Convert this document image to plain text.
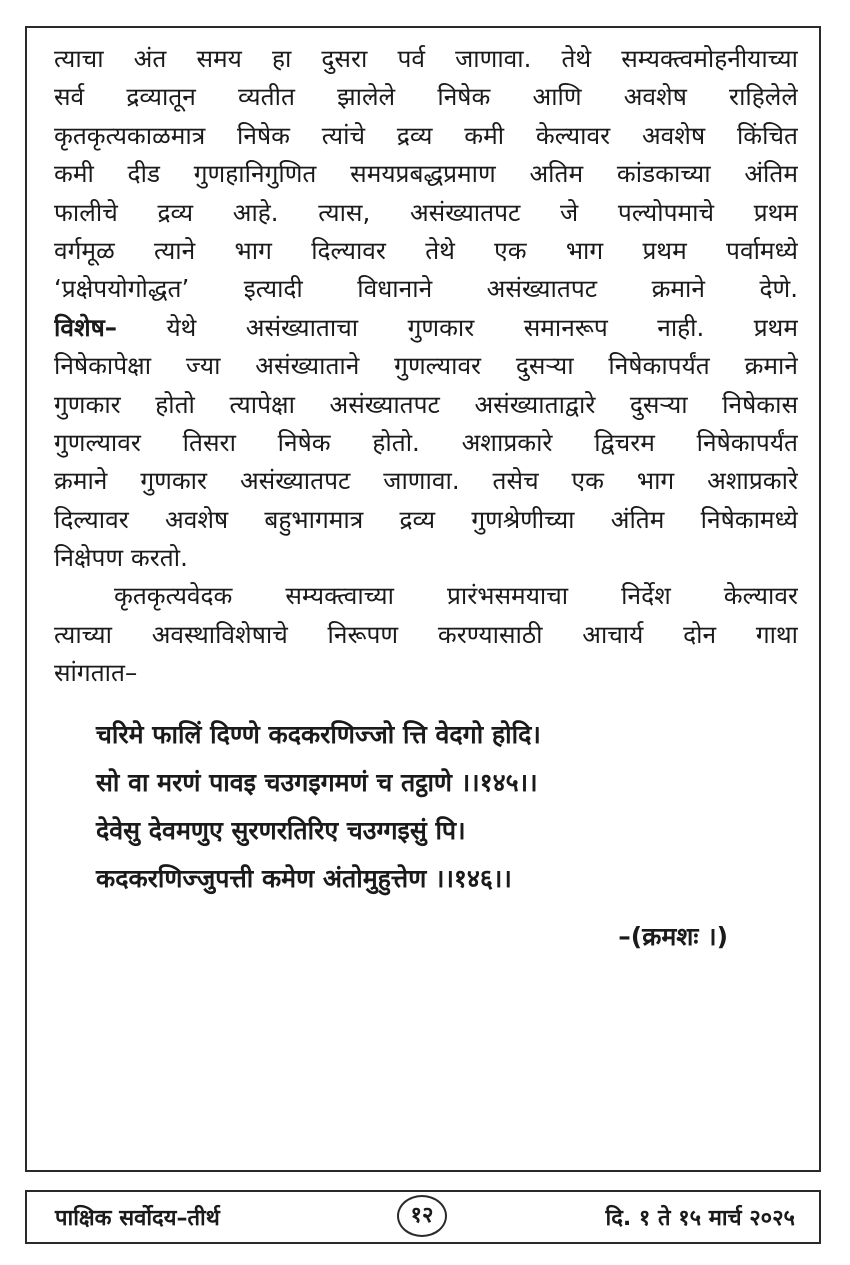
त्याचा अंत समय हा दुसरा पर्व जाणावा. तेथे सम्यक्त्वमोहनीयाच्या
सर्व द्रव्यातून व्यतीत झालेले निषेक आणि अवशेष राहिलेले
कृतकृत्यकाळमात्र निषेक त्यांचे द्रव्य कमी केल्यावर अवशेष किंचित
कमी दीड गुणहानिगुणित समयप्रबद्धप्रमाण अतिम कांडकाच्या अंतिम
फालीचे द्रव्य आहे. त्यास, असंख्यातपट जे पल्योपमाचे प्रथम
वर्गमूळ त्याने भाग दिल्यावर तेथे एक भाग प्रथम पर्वामध्ये
‘प्रक्षेपयोगोद्धत’ इत्यादी विधानाने असंख्यातपट क्रमाने देणे.
विशेष– येथे असंख्याताचा गुणकार समानरूप नाही. प्रथम
निषेकापेक्षा ज्या असंख्याताने गुणल्यावर दुसऱ्या निषेकापर्यंत क्रमाने
गुणकार होतो त्यापेक्षा असंख्यातपट असंख्याताद्वारे दुसऱ्या निषेकास
गुणल्यावर तिसरा निषेक होतो. अशाप्रकारे द्विचरम निषेकापर्यंत
क्रमाने गुणकार असंख्यातपट जाणावा. तसेच एक भाग अशाप्रकारे
दिल्यावर अवशेष बहुभागमात्र द्रव्य गुणश्रेणीच्या अंतिम निषेकामध्ये
निक्षेपण करतो.
कृतकृत्यवेदक सम्यक्त्वाच्या प्रारंभसमयाचा निर्देश केल्यावर
त्याच्या अवस्थाविशेषाचे निरूपण करण्यासाठी आचार्य दोन गाथा
सांगतात–
चरिमे फालिं दिण्णे कदकरणिज्जो त्ति वेदगो होदि।
सो वा मरणं पावइ चउगइगमणं च तट्ठाणे ।।१४५।।
देवेसु देवमणुए सुरणरतिरिए चउग्गइसुं पि।
कदकरणिज्जुपत्ती कमेण अंतोमुहुत्तेण ।।१४६।।
–(क्रमशः ।)
पाक्षिक सर्वोदय–तीर्थ	१२	दि. १ ते १५ मार्च २०२५
